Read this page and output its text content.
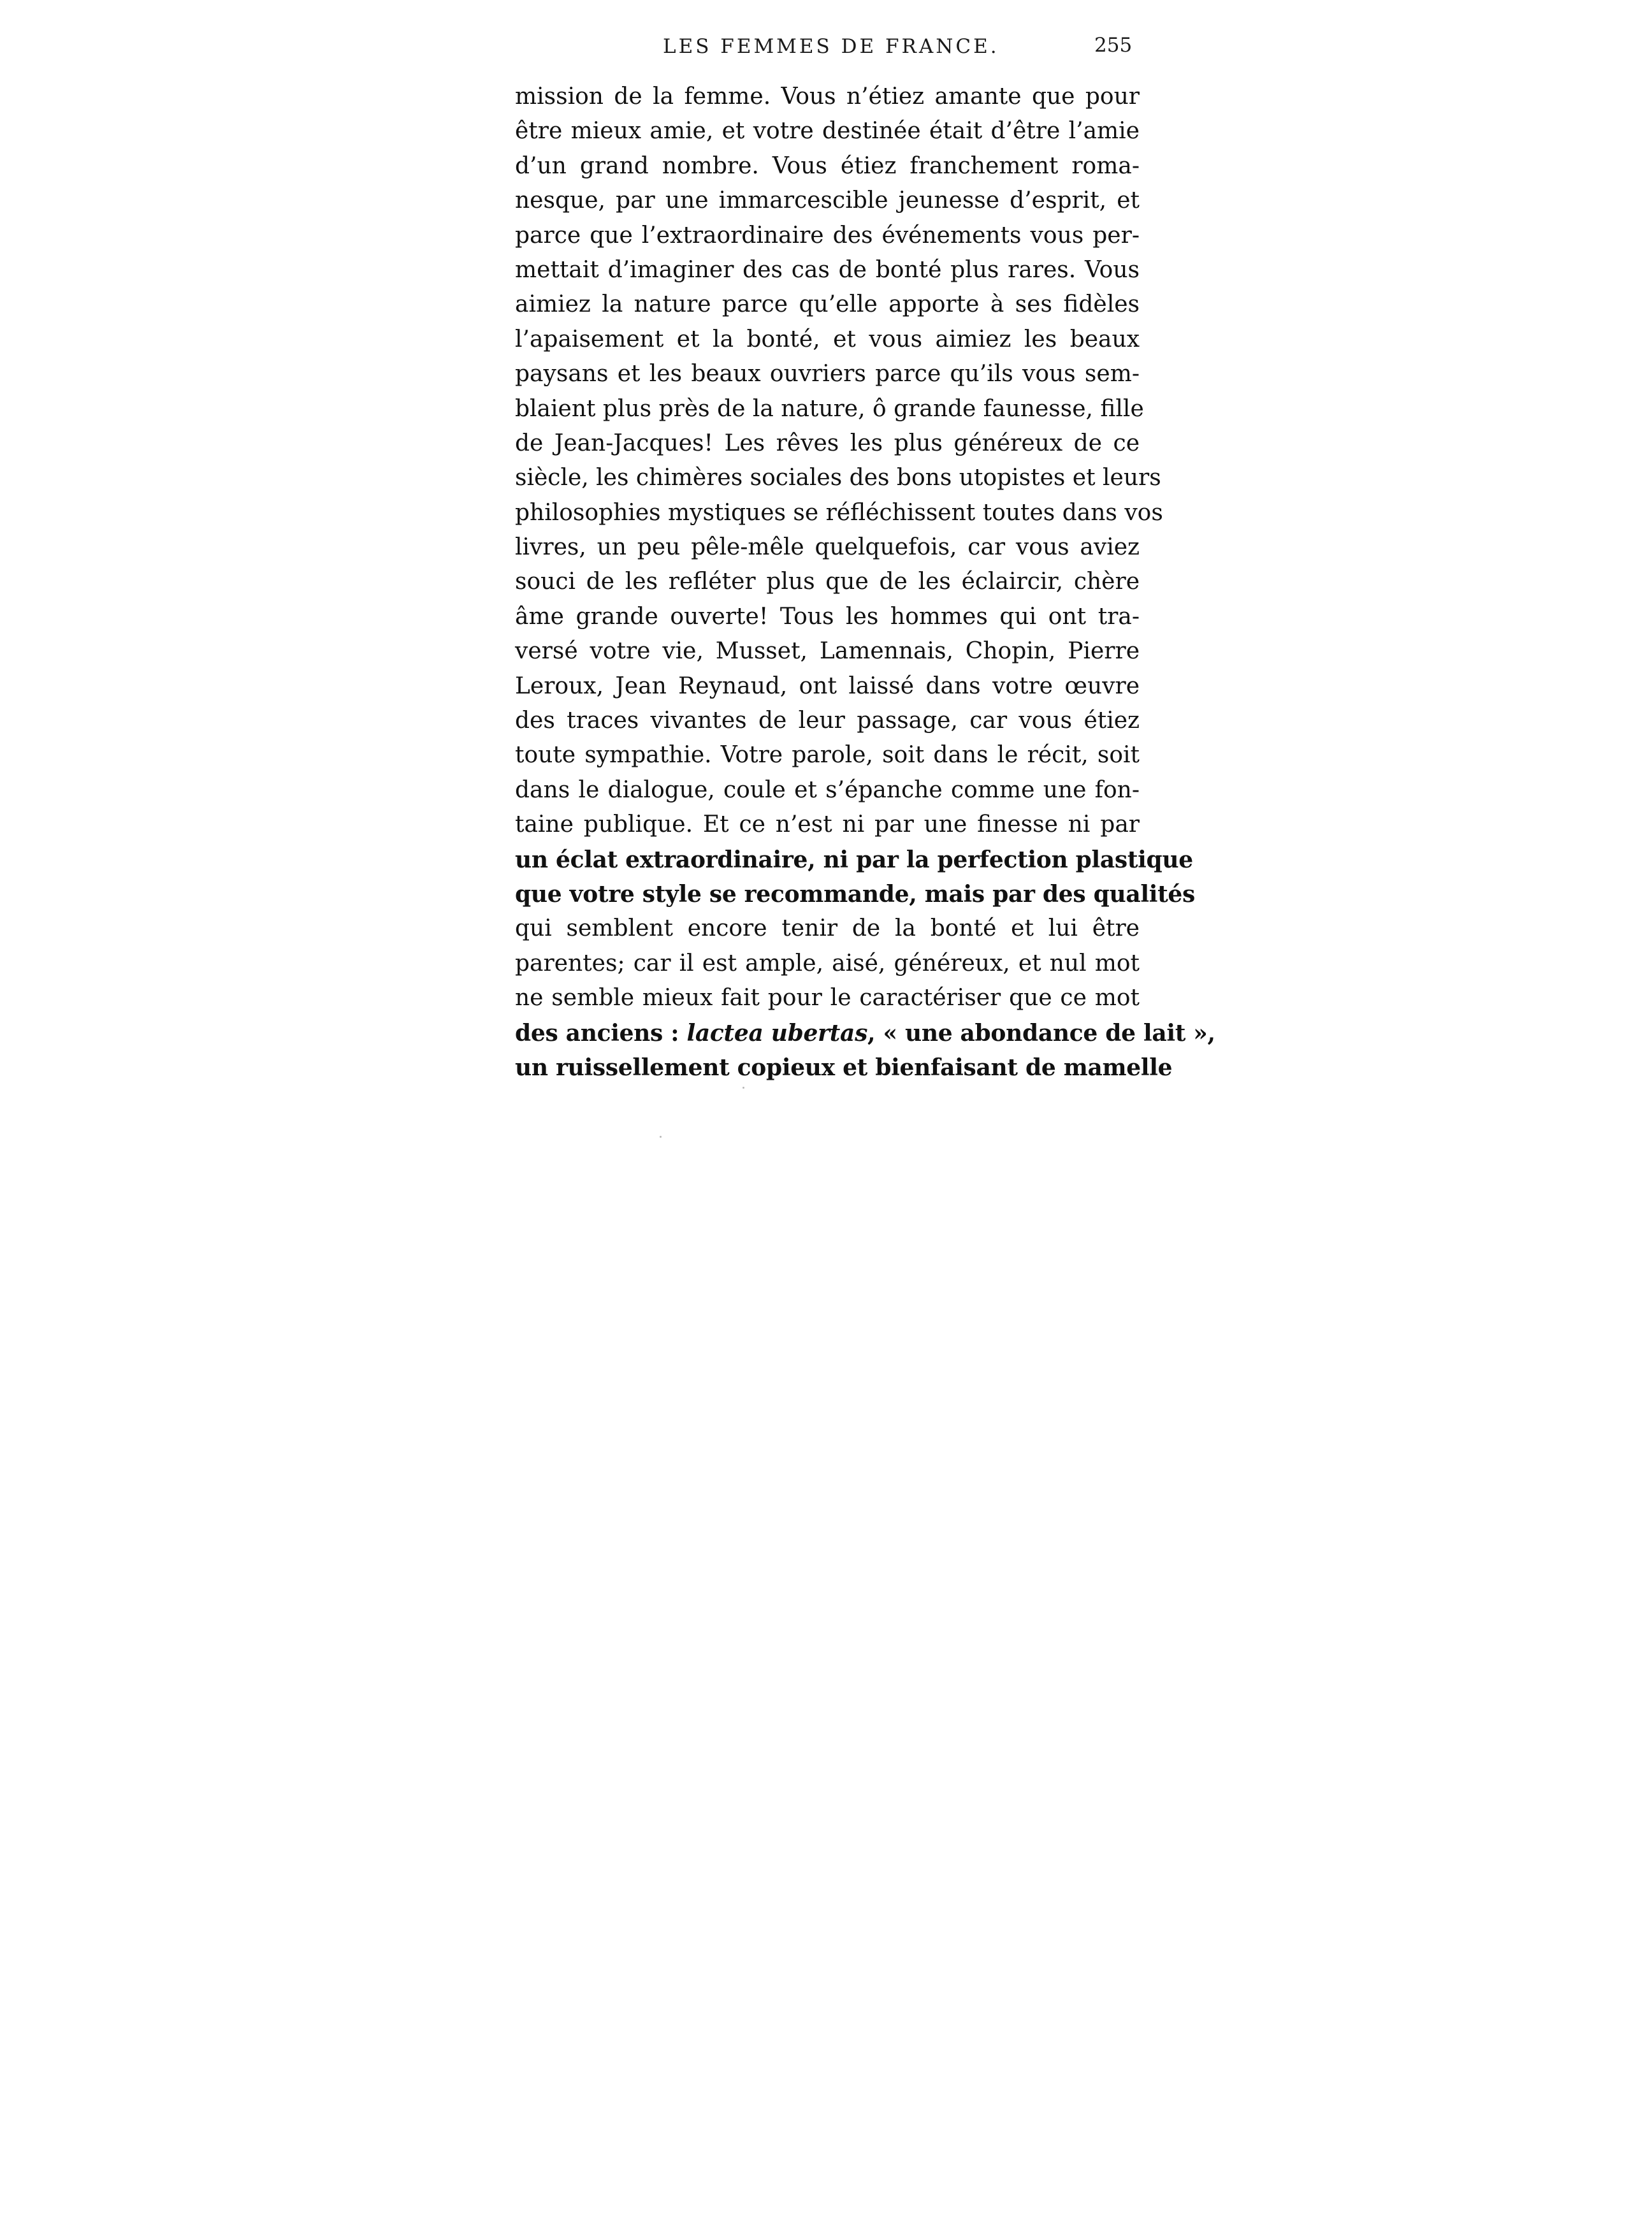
LES FEMMES DE FRANCE.	255
mission de la femme. Vous n’étiez amante que pour
être mieux amie, et votre destinée était d’être l’amie
d’un grand nombre. Vous étiez franchement roma-
nesque, par une immarcescible jeunesse d’esprit, et
parce que l’extraordinaire des événements vous per-
mettait d’imaginer des cas de bonté plus rares. Vous
aimiez la nature parce qu’elle apporte à ses fidèles
l’apaisement et la bonté, et vous aimiez les beaux
paysans et les beaux ouvriers parce qu’ils vous sem-
blaient plus près de la nature, ô grande faunesse, fille
de Jean-Jacques! Les rêves les plus généreux de ce
siècle, les chimères sociales des bons utopistes et leurs
philosophies mystiques se réfléchissent toutes dans vos
livres, un peu pêle-mêle quelquefois, car vous aviez
souci de les refléter plus que de les éclaircir, chère
âme grande ouverte! Tous les hommes qui ont tra-
versé votre vie, Musset, Lamennais, Chopin, Pierre
Leroux, Jean Reynaud, ont laissé dans votre œuvre
des traces vivantes de leur passage, car vous étiez
toute sympathie. Votre parole, soit dans le récit, soit
dans le dialogue, coule et s’épanche comme une fon-
taine publique. Et ce n’est ni par une finesse ni par
un éclat extraordinaire, ni par la perfection plastique
que votre style se recommande, mais par des qualités
qui semblent encore tenir de la bonté et lui être
parentes; car il est ample, aisé, généreux, et nul mot
ne semble mieux fait pour le caractériser que ce mot
des anciens : lactea ubertas, « une abondance de lait »,
un ruissellement copieux et bienfaisant de mamelle
